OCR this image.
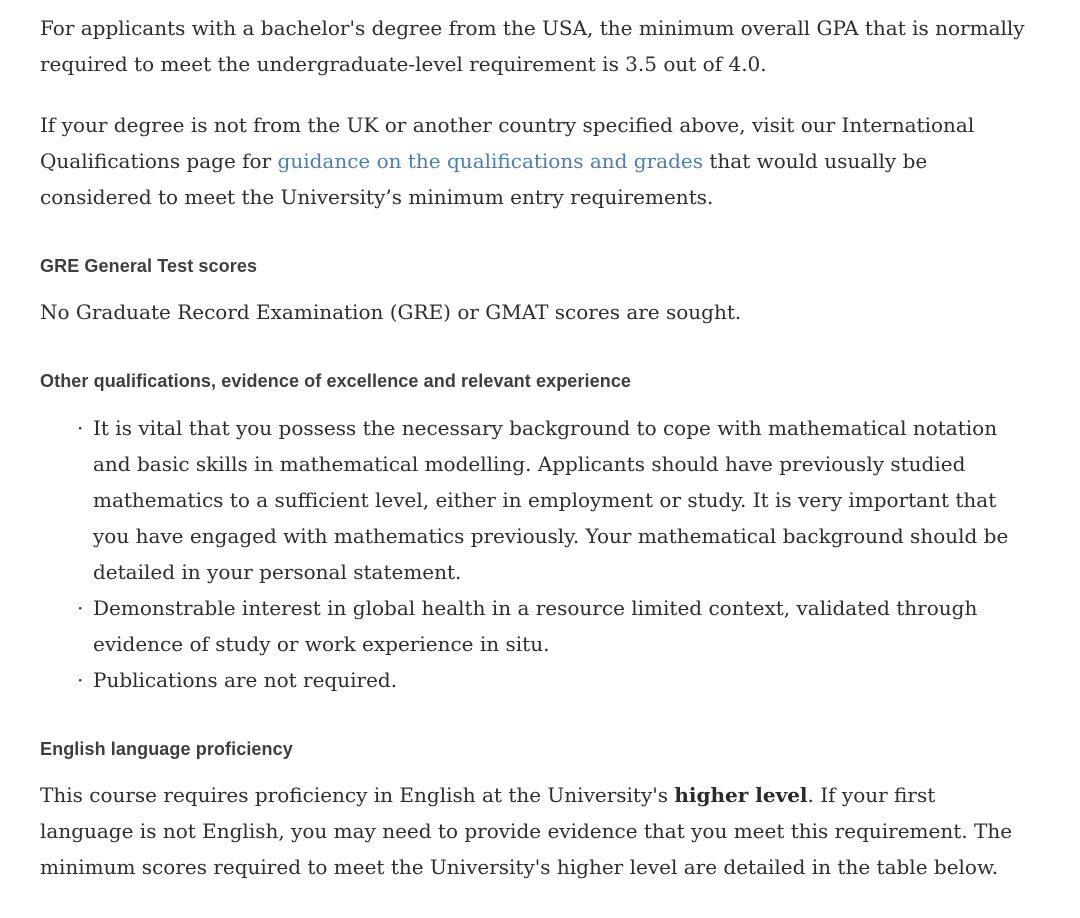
For applicants with a bachelor's degree from the USA, the minimum overall GPA that is normally required to meet the undergraduate-level requirement is 3.5 out of 4.0.

If your degree is not from the UK or another country specified above, visit our International Qualifications page for guidance on the qualifications and grades that would usually be considered to meet the University’s minimum entry requirements.

GRE General Test scores

No Graduate Record Examination (GRE) or GMAT scores are sought.

Other qualifications, evidence of excellence and relevant experience
· It is vital that you possess the necessary background to cope with mathematical notation and basic skills in mathematical modelling. Applicants should have previously studied mathematics to a sufficient level, either in employment or study. It is very important that you have engaged with mathematics previously. Your mathematical background should be detailed in your personal statement.
· Demonstrable interest in global health in a resource limited context, validated through evidence of study or work experience in situ.
· Publications are not required.
English language proficiency

This course requires proficiency in English at the University's higher level. If your first language is not English, you may need to provide evidence that you meet this requirement. The minimum scores required to meet the University's higher level are detailed in the table below.
